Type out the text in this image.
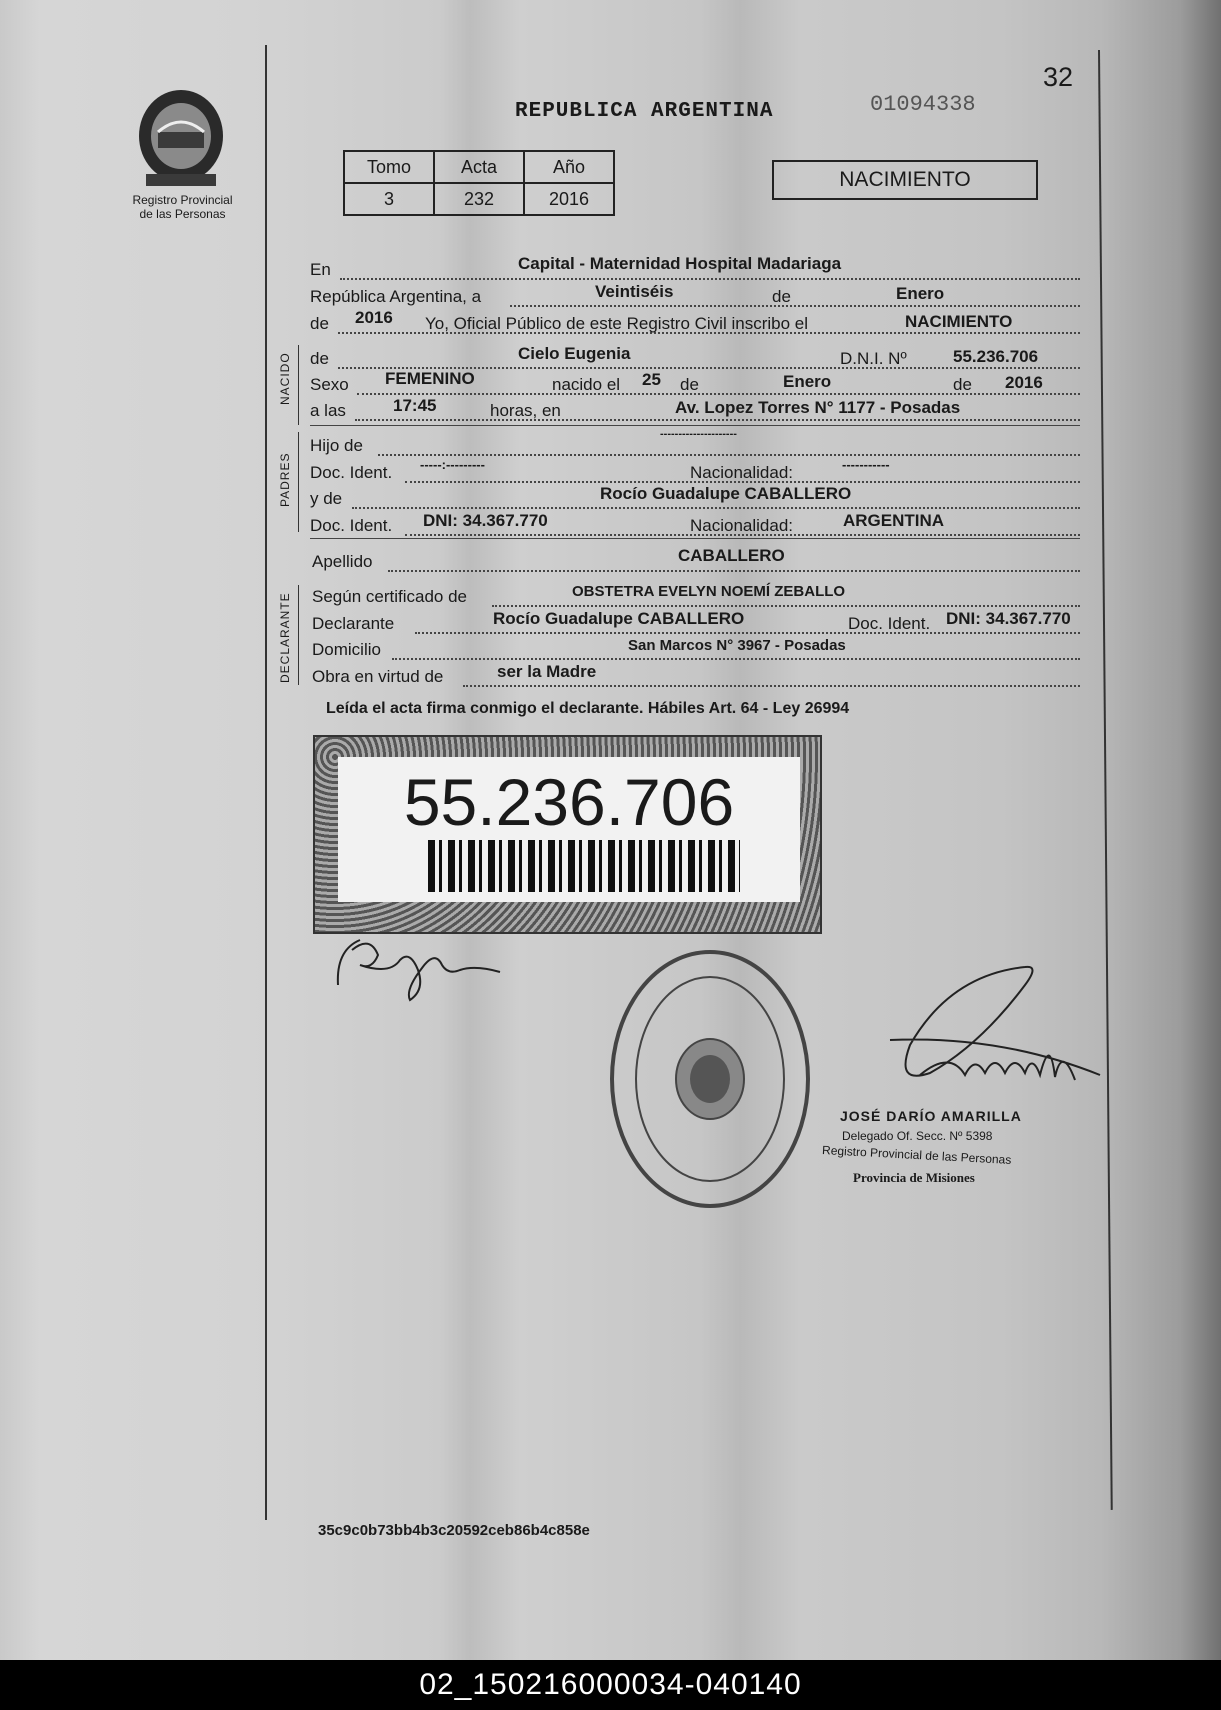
Registro Provincial
de las Personas
32
REPUBLICA ARGENTINA	01094338
Tomo	Acta	Año
3	232	2016
NACIMIENTO
En	Capital - Maternidad Hospital Madariaga
República Argentina, a	Veintiséis	de	Enero
de 2016 Yo, Oficial Público de este Registro Civil inscribo el	NACIMIENTO
NACIDO de	Cielo Eugenia	D.N.I. Nº	55.236.706
Sexo FEMENINO	nacido el 25 de	Enero	de 2016
a las	17:45	horas, en	Av. Lopez Torres N° 1177 - Posadas
PADRES
Hijo de
---------------------
Doc. Ident. -----:---------	Nacionalidad:	-----------
y de	Rocío Guadalupe CABALLERO
Doc. Ident. DNI: 34.367.770	Nacionalidad:	ARGENTINA
Apellido	CABALLERO
DECLARANTE Según certificado de	OBSTETRA EVELYN NOEMÍ ZEBALLO
Declarante	Rocío Guadalupe CABALLERO	Doc. Ident. DNI: 34.367.770
Domicilio	San Marcos N° 3967 - Posadas
Obra en virtud de	ser la Madre
Leída el acta firma conmigo el declarante. Hábiles Art. 64 - Ley 26994
55.236.706
JOSÉ DARÍO AMARILLA
Delegado Of. Secc. Nº 5398
Registro Provincial de las Personas
Provincia de Misiones
35c9c0b73bb4b3c20592ceb86b4c858e
02_150216000034-040140
